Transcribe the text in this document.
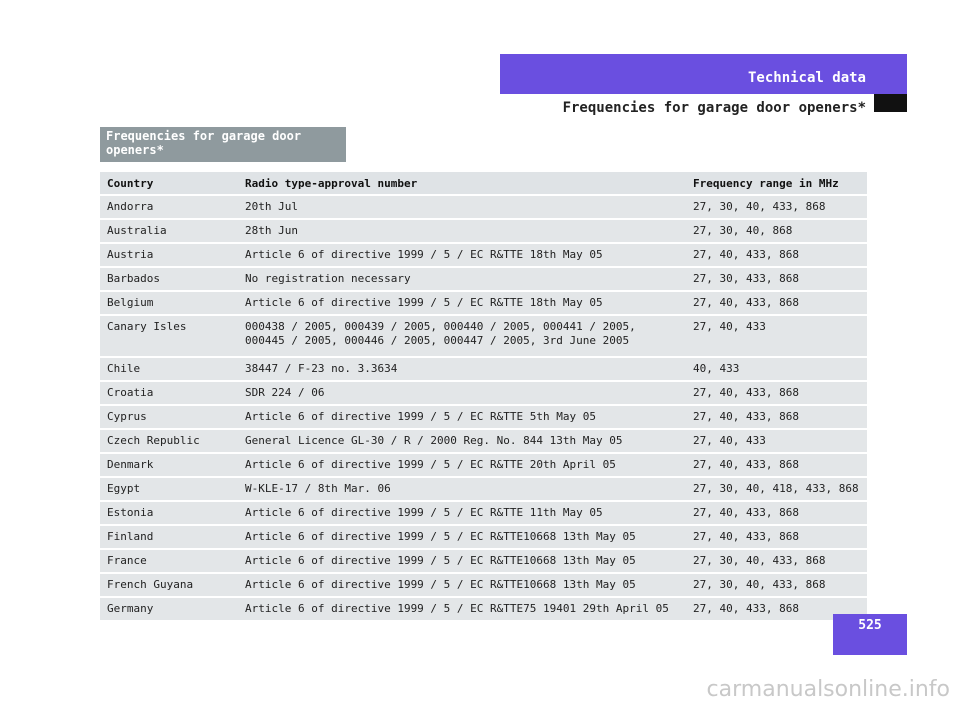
Technical data
Frequencies for garage door openers*
Frequencies for garage door openers*
Country	Radio type-approval number	Frequency range in MHz
Andorra	20th Jul	27, 30, 40, 433, 868
Australia	28th Jun	27, 30, 40, 868
Austria	Article 6 of directive 1999 / 5 / EC R&TTE 18th May 05	27, 40, 433, 868
Barbados	No registration necessary	27, 30, 433, 868
Belgium	Article 6 of directive 1999 / 5 / EC R&TTE 18th May 05	27, 40, 433, 868
Canary Isles	000438 / 2005, 000439 / 2005, 000440 / 2005, 000441 / 2005, 000445 / 2005, 000446 / 2005, 000447 / 2005, 3rd June 2005	27, 40, 433
Chile	38447 / F-23 no. 3.3634	40, 433
Croatia	SDR 224 / 06	27, 40, 433, 868
Cyprus	Article 6 of directive 1999 / 5 / EC R&TTE 5th May 05	27, 40, 433, 868
Czech Republic	General Licence GL-30 / R / 2000 Reg. No. 844 13th May 05	27, 40, 433
Denmark	Article 6 of directive 1999 / 5 / EC R&TTE 20th April 05	27, 40, 433, 868
Egypt	W-KLE-17 / 8th Mar. 06	27, 30, 40, 418, 433, 868
Estonia	Article 6 of directive 1999 / 5 / EC R&TTE 11th May 05	27, 40, 433, 868
Finland	Article 6 of directive 1999 / 5 / EC R&TTE10668 13th May 05	27, 40, 433, 868
France	Article 6 of directive 1999 / 5 / EC R&TTE10668 13th May 05	27, 30, 40, 433, 868
French Guyana	Article 6 of directive 1999 / 5 / EC R&TTE10668 13th May 05	27, 30, 40, 433, 868
Germany	Article 6 of directive 1999 / 5 / EC R&TTE75 19401 29th April 05	27, 40, 433, 868
525
carmanualsonline.info
